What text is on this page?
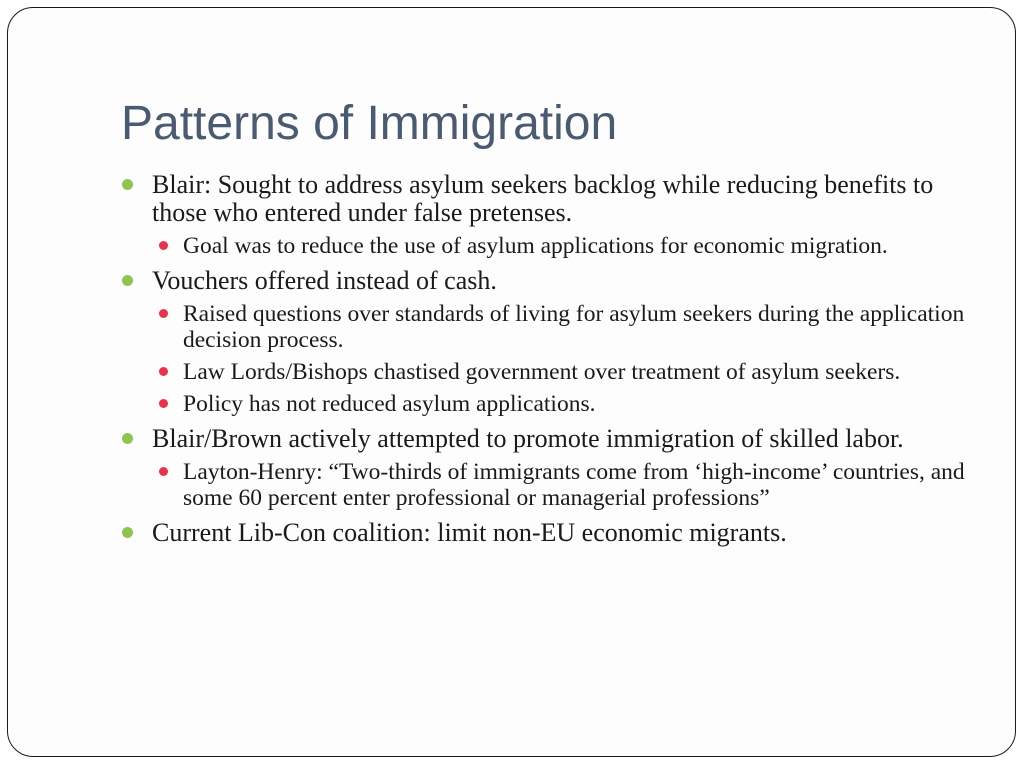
Patterns of Immigration
Blair: Sought to address asylum seekers backlog while reducing benefits to those who entered under false pretenses.
Goal was to reduce the use of asylum applications for economic migration.
Vouchers offered instead of cash.
Raised questions over standards of living for asylum seekers during the application decision process.
Law Lords/Bishops chastised government over treatment of asylum seekers.
Policy has not reduced asylum applications.
Blair/Brown actively attempted to promote immigration of skilled labor.
Layton-Henry: “Two-thirds of immigrants come from ‘high-income’ countries, and some 60 percent enter professional or managerial professions”
Current Lib-Con coalition: limit non-EU economic migrants.
